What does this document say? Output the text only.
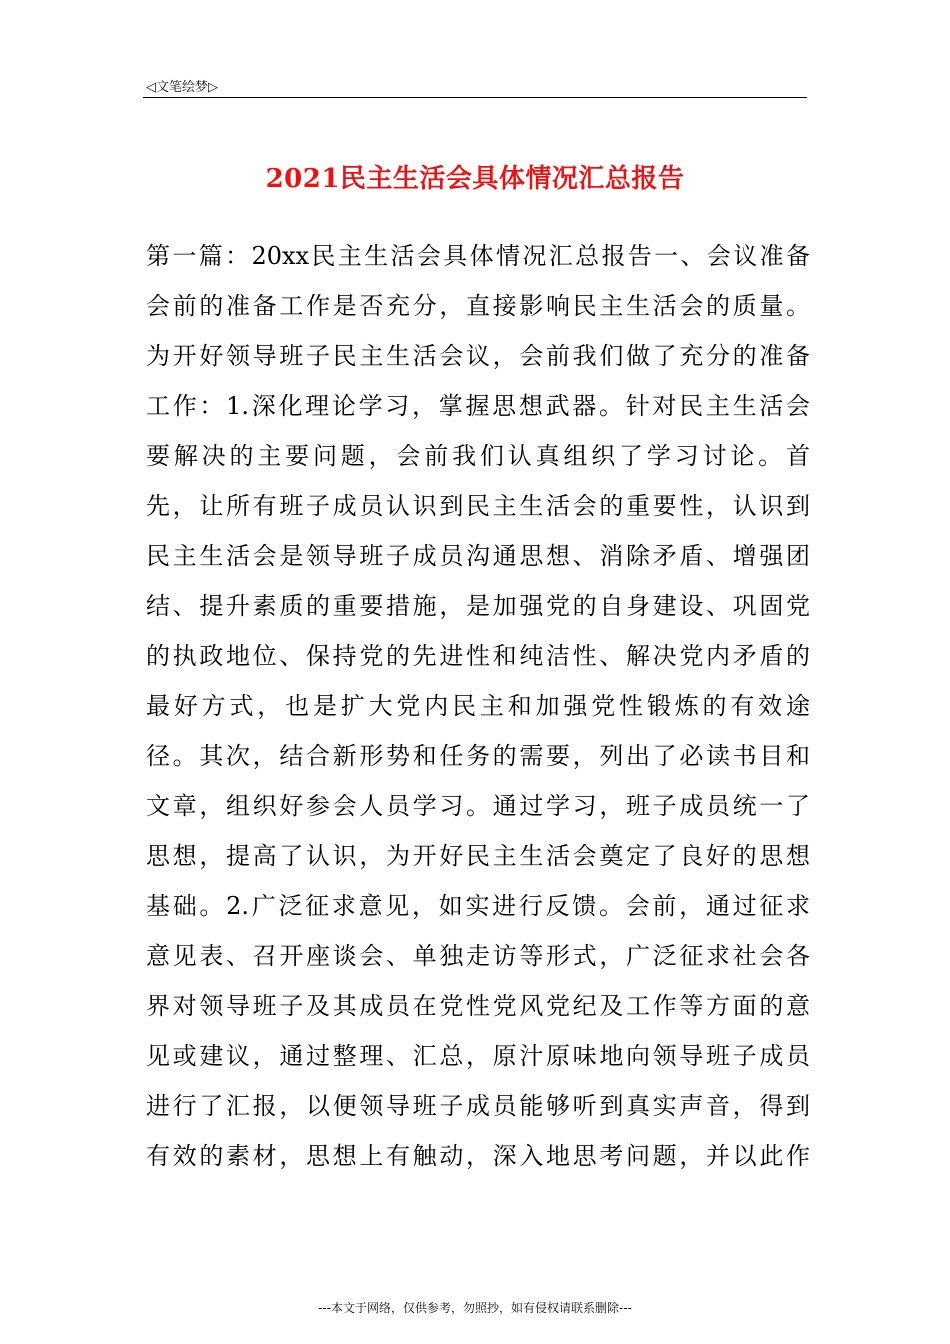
◁文笔绘梦▷
2021民主生活会具体情况汇总报告
第一篇：20xx民主生活会具体情况汇总报告一、会议准备
会前的准备工作是否充分，直接影响民主生活会的质量。
为开好领导班子民主生活会议，会前我们做了充分的准备
工作：1.深化理论学习，掌握思想武器。针对民主生活会
要解决的主要问题，会前我们认真组织了学习讨论。首
先，让所有班子成员认识到民主生活会的重要性，认识到
民主生活会是领导班子成员沟通思想、消除矛盾、增强团
结、提升素质的重要措施，是加强党的自身建设、巩固党
的执政地位、保持党的先进性和纯洁性、解决党内矛盾的
最好方式，也是扩大党内民主和加强党性锻炼的有效途
径。其次，结合新形势和任务的需要，列出了必读书目和
文章，组织好参会人员学习。通过学习，班子成员统一了
思想，提高了认识，为开好民主生活会奠定了良好的思想
基础。2.广泛征求意见，如实进行反馈。会前，通过征求
意见表、召开座谈会、单独走访等形式，广泛征求社会各
界对领导班子及其成员在党性党风党纪及工作等方面的意
见或建议，通过整理、汇总，原汁原味地向领导班子成员
进行了汇报，以便领导班子成员能够听到真实声音，得到
有效的素材，思想上有触动，深入地思考问题，并以此作
---本文于网络，仅供参考，勿照抄，如有侵权请联系删除---
